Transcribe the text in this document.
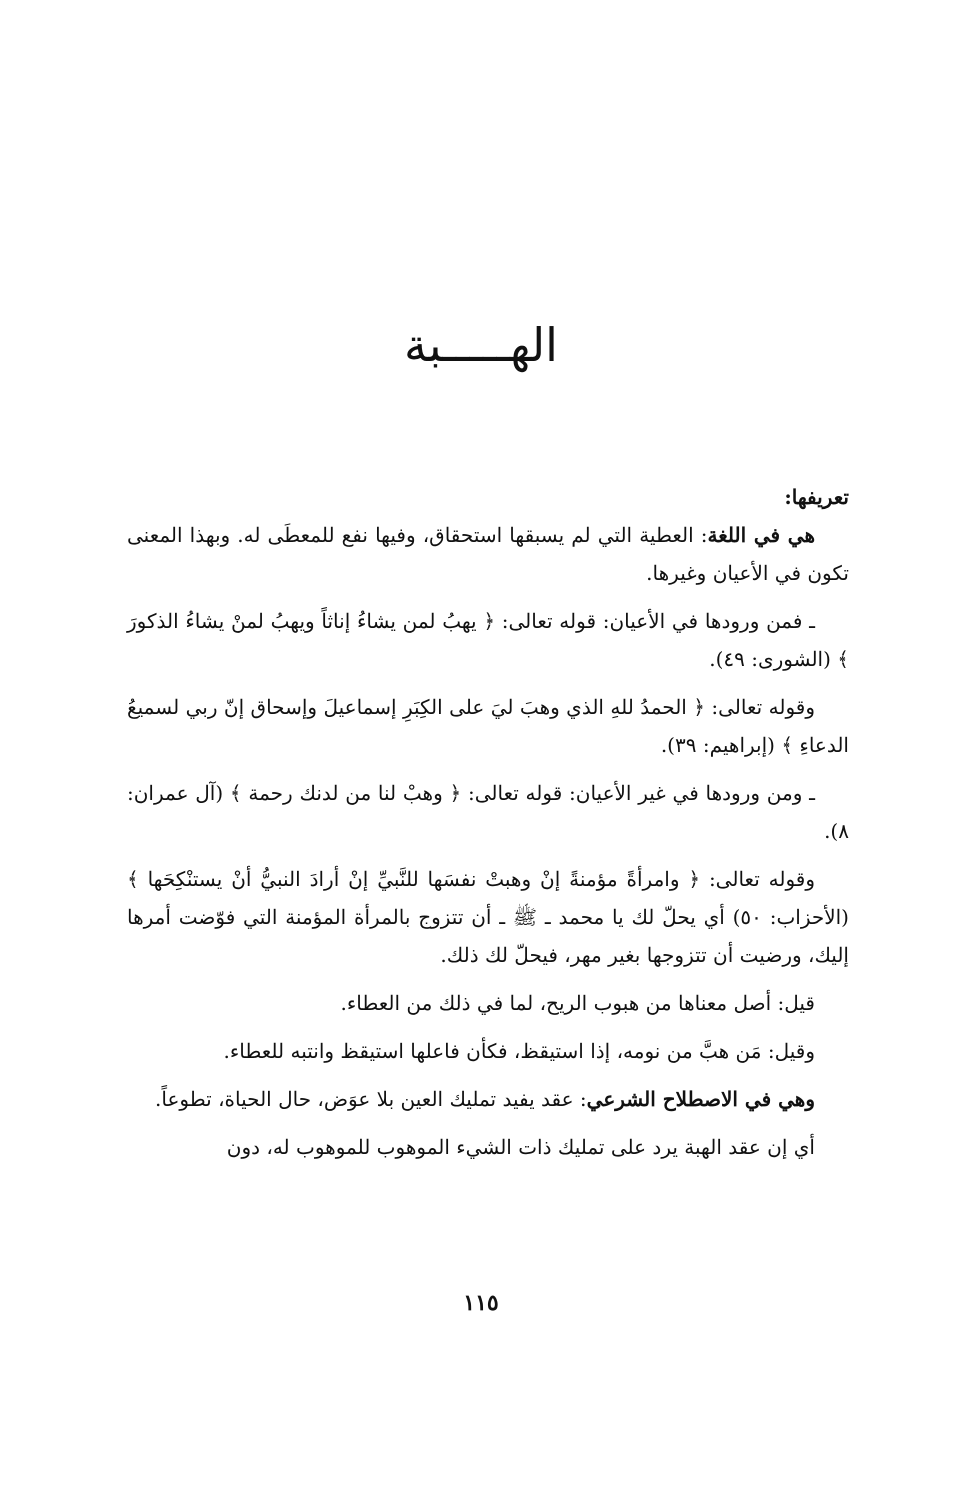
الهـــــبة

تعريفها:

هي في اللغة: العطية التي لم يسبقها استحقاق، وفيها نفع للمعطَى له. وبهذا المعنى تكون في الأعيان وغيرها.

ـ فمن ورودها في الأعيان: قوله تعالى: ﴿ يهبُ لمن يشاءُ إناثاً ويهبُ لمنْ يشاءُ الذكورَ ﴾ (الشورى: ٤٩).

وقوله تعالى: ﴿ الحمدُ للهِ الذي وهبَ ليَ على الكِبَرِ إسماعيلَ وإسحاق إنّ ربي لسميعُ الدعاءِ ﴾ (إبراهيم: ٣٩).

ـ ومن ورودها في غير الأعيان: قوله تعالى: ﴿ وهبْ لنا من لدنك رحمة ﴾ (آل عمران: ٨).

وقوله تعالى: ﴿ وامرأةً مؤمنةً إنْ وهبتْ نفسَها للنَّبيِّ إنْ أرادَ النبيُّ أنْ يستنْكِحَها ﴾ (الأحزاب: ٥٠) أي يحلّ لك يا محمد ـ ﷺ ـ أن تتزوج بالمرأة المؤمنة التي فوّضت أمرها إليك، ورضيت أن تتزوجها بغير مهر، فيحلّ لك ذلك.

قيل: أصل معناها من هبوب الريح، لما في ذلك من العطاء.

وقيل: مَن هبَّ من نومه، إذا استيقظ، فكأن فاعلها استيقظ وانتبه للعطاء.

وهي في الاصطلاح الشرعي: عقد يفيد تمليك العين بلا عوَض، حال الحياة، تطوعاً.

أي إن عقد الهبة يرد على تمليك ذات الشيء الموهوب للموهوب له، دون

١١٥
